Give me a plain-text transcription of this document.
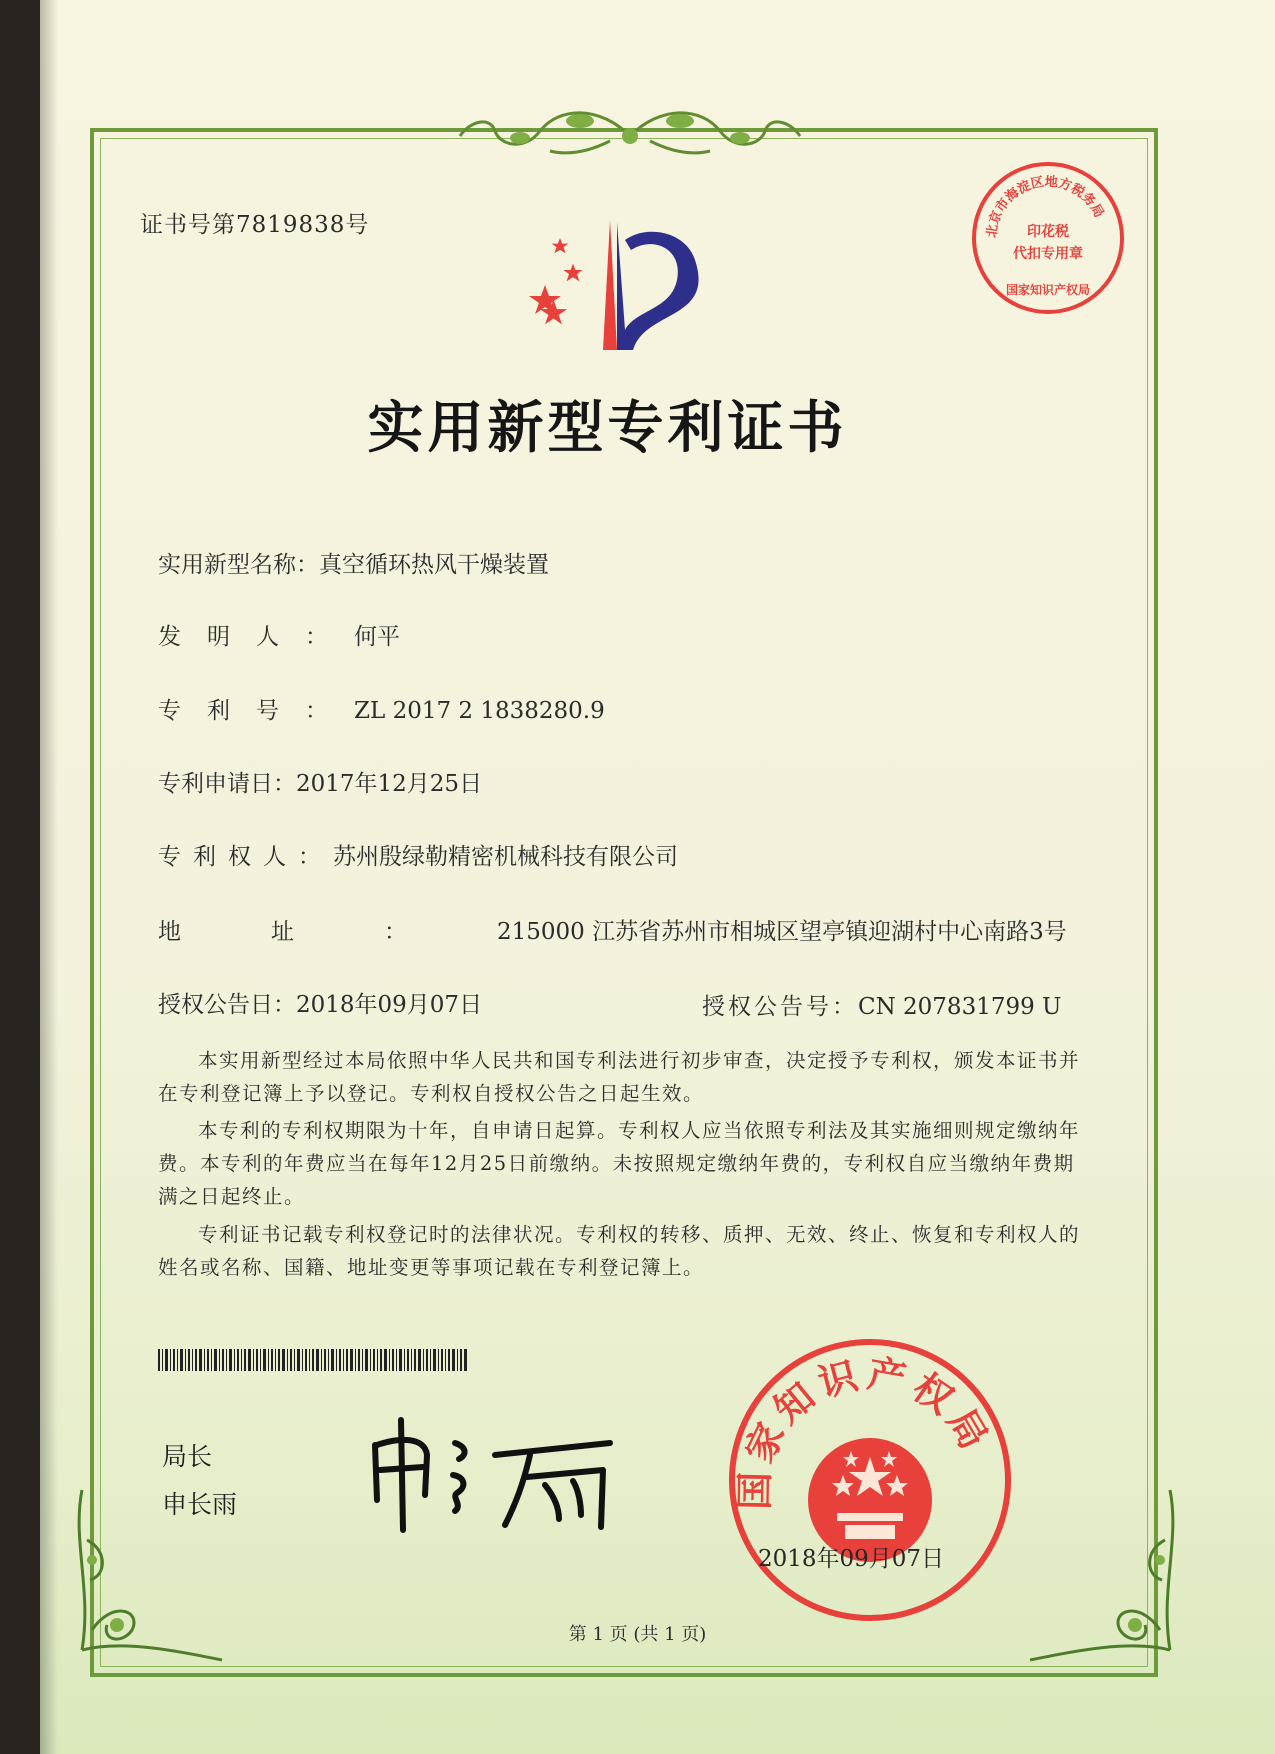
证书号第7819838号	北京市海淀区地方税务局
印花税
代扣专用章
国家知识产权局
实用新型专利证书
实用新型名称：真空循环热风干燥装置
发明人：何平
专利号：ZL 2017 2 1838280.9
专利申请日：2017年12月25日
专利权人：苏州殷绿勒精密机械科技有限公司
地址：215000 江苏省苏州市相城区望亭镇迎湖村中心南路3号
授权公告日：2018年09月07日	授权公告号：CN 207831799 U
本实用新型经过本局依照中华人民共和国专利法进行初步审查，决定授予专利权，颁发本证书并在专利登记簿上予以登记。专利权自授权公告之日起生效。
本专利的专利权期限为十年，自申请日起算。专利权人应当依照专利法及其实施细则规定缴纳年费。本专利的年费应当在每年12月25日前缴纳。未按照规定缴纳年费的，专利权自应当缴纳年费期满之日起终止。
专利证书记载专利权登记时的法律状况。专利权的转移、质押、无效、终止、恢复和专利权人的姓名或名称、国籍、地址变更等事项记载在专利登记簿上。
局长
申长雨	国家知识产权局
2018年09月07日
第 1 页 (共 1 页)
